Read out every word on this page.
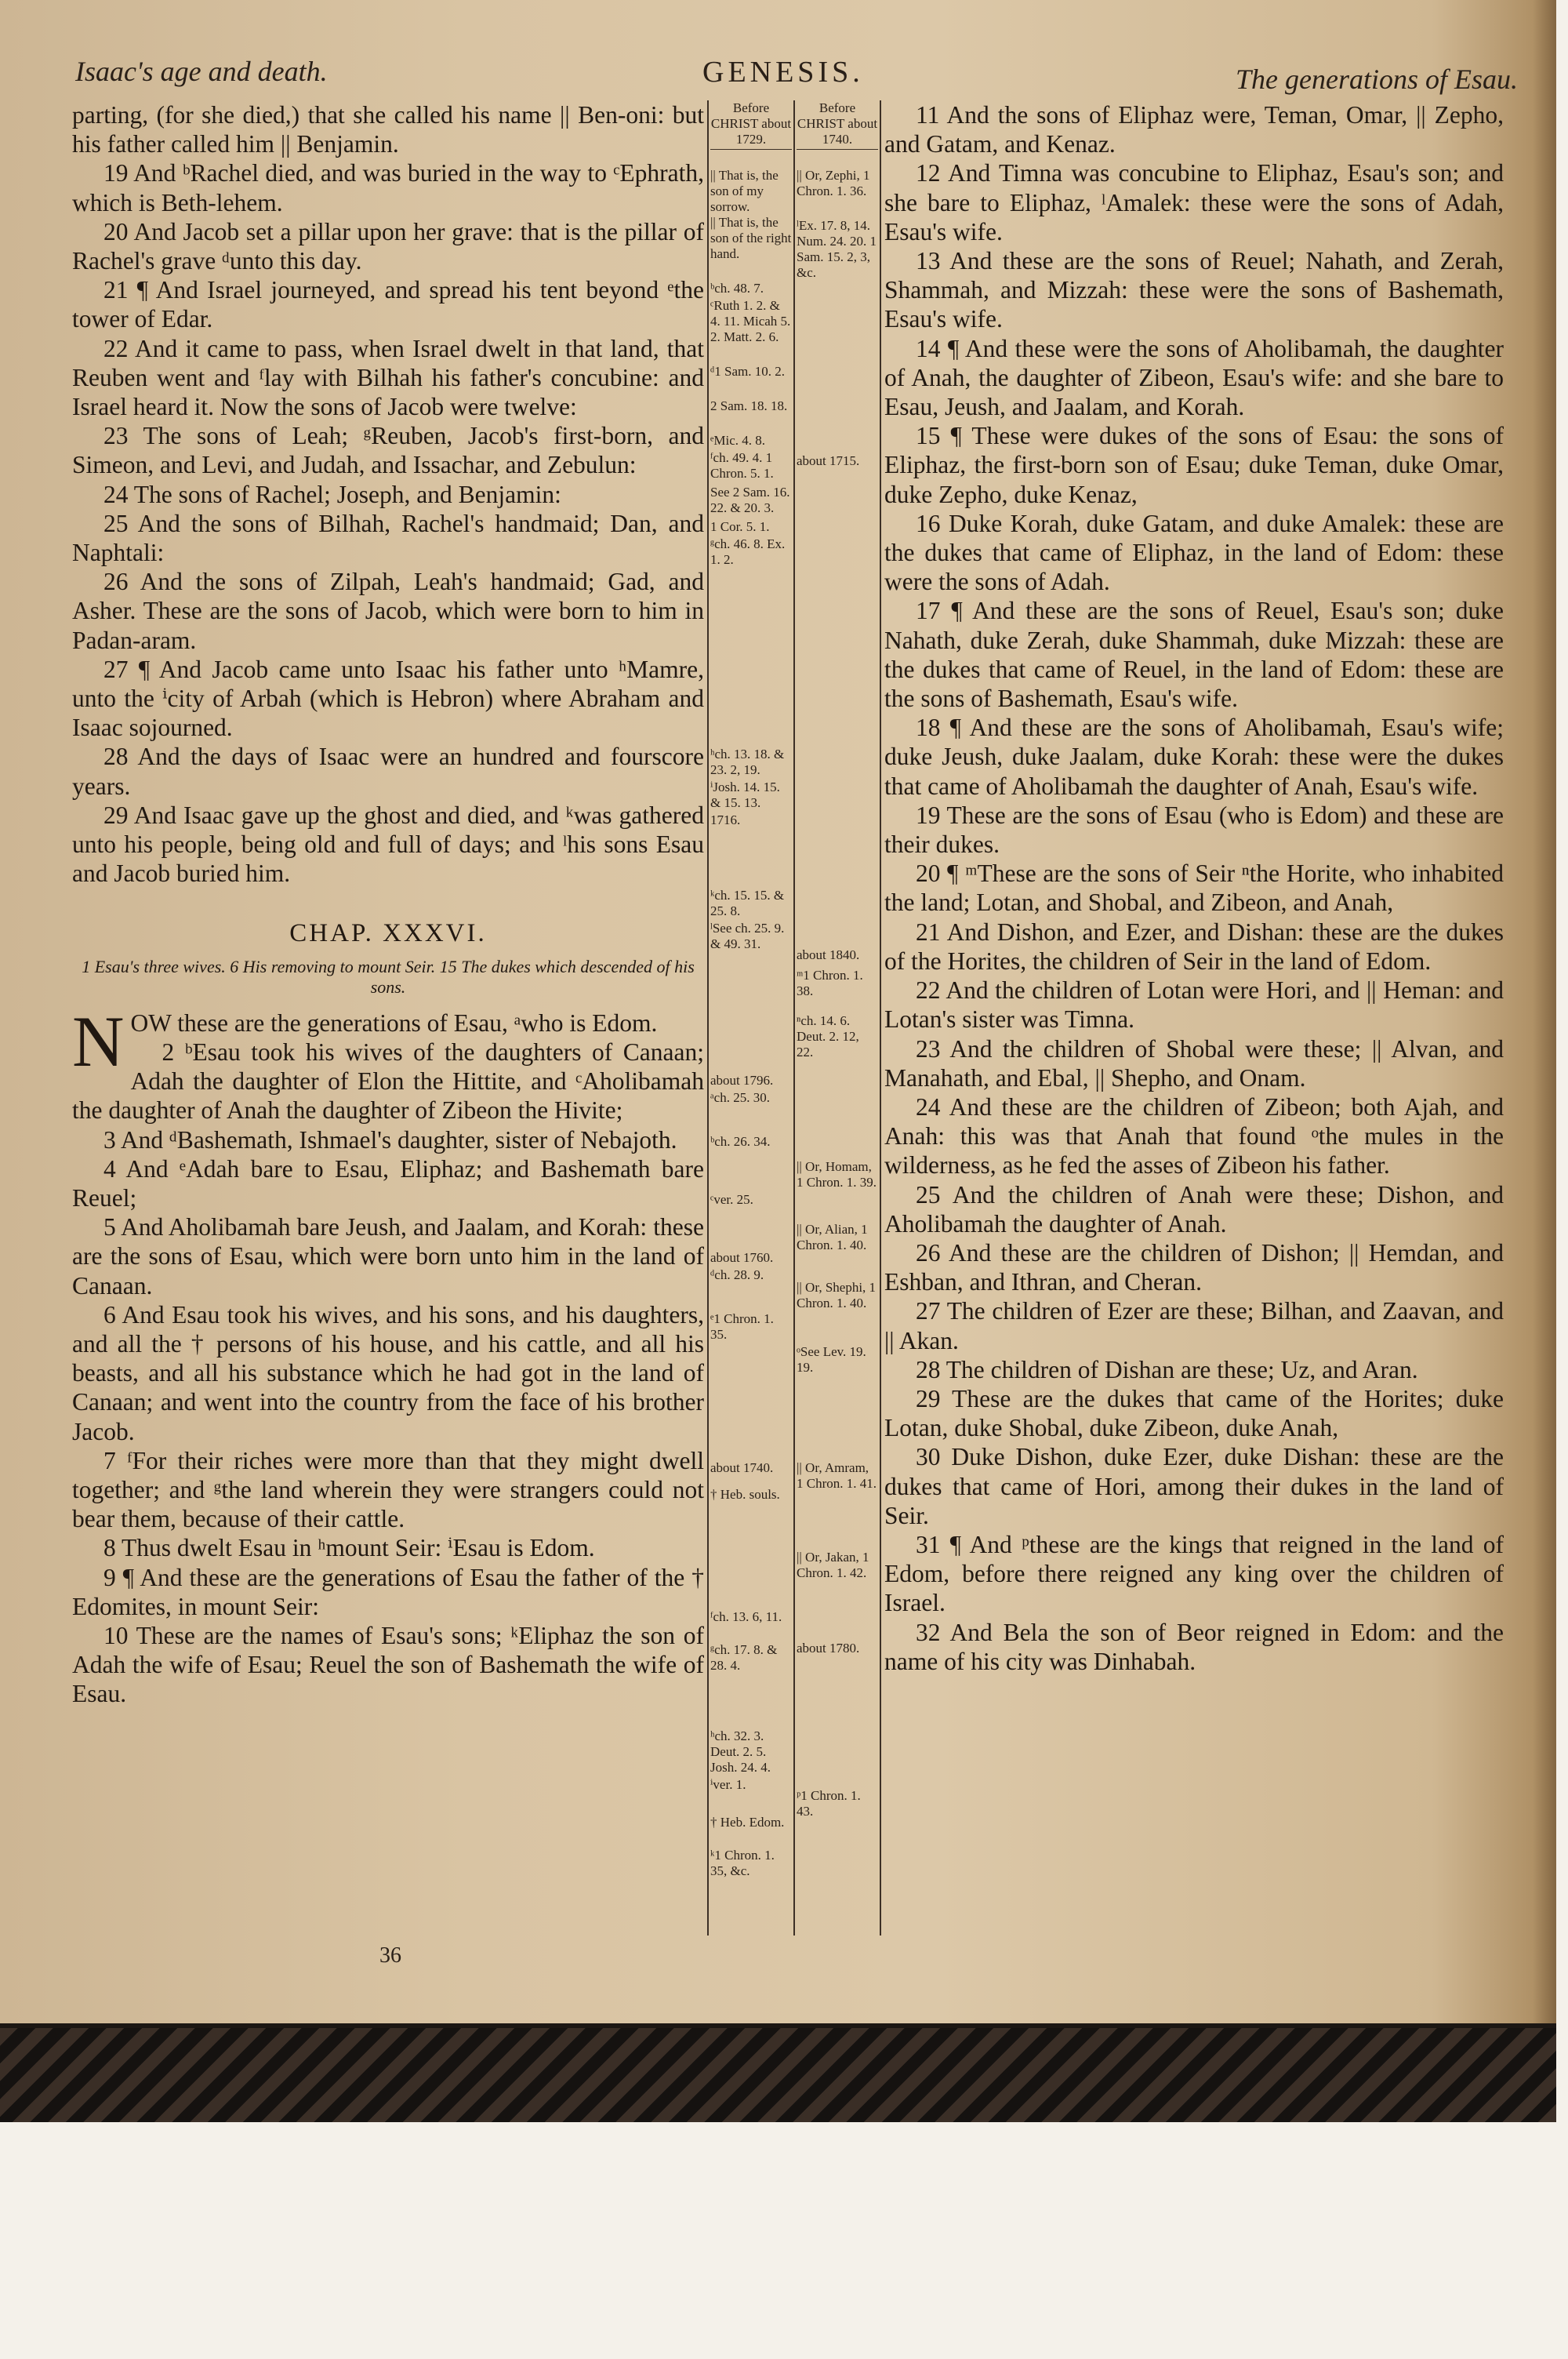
Isaac's age and death.	GENESIS.	The generations of Esau.

parting, (for she died,) that she called his name || Ben-oni: but his father called him || Benjamin.

19 And ᵇRachel died, and was buried in the way to ᶜEphrath, which is Beth-lehem.

20 And Jacob set a pillar upon her grave: that is the pillar of Rachel's grave ᵈunto this day.

21 ¶ And Israel journeyed, and spread his tent beyond ᵉthe tower of Edar.

22 And it came to pass, when Israel dwelt in that land, that Reuben went and ᶠlay with Bilhah his father's concubine: and Israel heard it. Now the sons of Jacob were twelve:

23 The sons of Leah; ᵍReuben, Jacob's first-born, and Simeon, and Levi, and Judah, and Issachar, and Zebulun:

24 The sons of Rachel; Joseph, and Benjamin:

25 And the sons of Bilhah, Rachel's handmaid; Dan, and Naphtali:

26 And the sons of Zilpah, Leah's handmaid; Gad, and Asher. These are the sons of Jacob, which were born to him in Padan-aram.

27 ¶ And Jacob came unto Isaac his father unto ʰMamre, unto the ⁱcity of Arbah (which is Hebron) where Abraham and Isaac sojourned.

28 And the days of Isaac were an hundred and fourscore years.

29 And Isaac gave up the ghost and died, and ᵏwas gathered unto his people, being old and full of days; and ˡhis sons Esau and Jacob buried him.

CHAP. XXXVI.
1 Esau's three wives. 6 His removing to mount Seir. 15 The dukes which descended of his sons.

N OW these are the generations of Esau, ᵃwho is Edom.

2 ᵇEsau took his wives of the daughters of Canaan; Adah the daughter of Elon the Hittite, and ᶜAholibamah the daughter of Anah the daughter of Zibeon the Hivite;

3 And ᵈBashemath, Ishmael's daughter, sister of Nebajoth.

4 And ᵉAdah bare to Esau, Eliphaz; and Bashemath bare Reuel;

5 And Aholibamah bare Jeush, and Jaalam, and Korah: these are the sons of Esau, which were born unto him in the land of Canaan.

6 And Esau took his wives, and his sons, and his daughters, and all the † persons of his house, and his cattle, and all his beasts, and all his substance which he had got in the land of Canaan; and went into the country from the face of his brother Jacob.

7 ᶠFor their riches were more than that they might dwell together; and ᵍthe land wherein they were strangers could not bear them, because of their cattle.

8 Thus dwelt Esau in ʰmount Seir: ⁱEsau is Edom.

9 ¶ And these are the generations of Esau the father of the † Edomites, in mount Seir:

10 These are the names of Esau's sons; ᵏEliphaz the son of Adah the wife of Esau; Reuel the son of Bashemath the wife of Esau.

Before CHRIST about 1729.
|| That is, the son of my sorrow.
|| That is, the son of the right hand.
ᵇch. 48. 7.
ᶜRuth 1. 2. & 4. 11. Micah 5. 2. Matt. 2. 6.
ᵈ1 Sam. 10. 2.
2 Sam. 18. 18.
ᵉMic. 4. 8.
ᶠch. 49. 4. 1 Chron. 5. 1.
See 2 Sam. 16. 22. & 20. 3.
1 Cor. 5. 1.
ᵍch. 46. 8. Ex. 1. 2.
ʰch. 13. 18. & 23. 2, 19.
ⁱJosh. 14. 15. & 15. 13.
1716.
ᵏch. 15. 15. & 25. 8.
ˡSee ch. 25. 9. & 49. 31.
about 1796.
ᵃch. 25. 30.
ᵇch. 26. 34.
ᶜver. 25.
about 1760.
ᵈch. 28. 9.
ᵉ1 Chron. 1. 35.
about 1740.
† Heb. souls.
ᶠch. 13. 6, 11.
ᵍch. 17. 8. & 28. 4.
ʰch. 32. 3. Deut. 2. 5. Josh. 24. 4.
ⁱver. 1.
† Heb. Edom.
ᵏ1 Chron. 1. 35, &c.
Before CHRIST about 1740.
|| Or, Zephi, 1 Chron. 1. 36.
ˡEx. 17. 8, 14. Num. 24. 20. 1 Sam. 15. 2, 3, &c.
about 1715.
about 1840.
ᵐ1 Chron. 1. 38.
ⁿch. 14. 6. Deut. 2. 12, 22.
|| Or, Homam, 1 Chron. 1. 39.
|| Or, Alian, 1 Chron. 1. 40.
|| Or, Shephi, 1 Chron. 1. 40.
ᵒSee Lev. 19. 19.
|| Or, Amram, 1 Chron. 1. 41.
|| Or, Jakan, 1 Chron. 1. 42.
about 1780.
ᵖ1 Chron. 1. 43.

11 And the sons of Eliphaz were, Teman, Omar, || Zepho, and Gatam, and Kenaz.

12 And Timna was concubine to Eliphaz, Esau's son; and she bare to Eliphaz, ˡAmalek: these were the sons of Adah, Esau's wife.

13 And these are the sons of Reuel; Nahath, and Zerah, Shammah, and Mizzah: these were the sons of Bashemath, Esau's wife.

14 ¶ And these were the sons of Aholibamah, the daughter of Anah, the daughter of Zibeon, Esau's wife: and she bare to Esau, Jeush, and Jaalam, and Korah.

15 ¶ These were dukes of the sons of Esau: the sons of Eliphaz, the first-born son of Esau; duke Teman, duke Omar, duke Zepho, duke Kenaz,

16 Duke Korah, duke Gatam, and duke Amalek: these are the dukes that came of Eliphaz, in the land of Edom: these were the sons of Adah.

17 ¶ And these are the sons of Reuel, Esau's son; duke Nahath, duke Zerah, duke Shammah, duke Mizzah: these are the dukes that came of Reuel, in the land of Edom: these are the sons of Bashemath, Esau's wife.

18 ¶ And these are the sons of Aholibamah, Esau's wife; duke Jeush, duke Jaalam, duke Korah: these were the dukes that came of Aholibamah the daughter of Anah, Esau's wife.

19 These are the sons of Esau (who is Edom) and these are their dukes.

20 ¶ ᵐThese are the sons of Seir ⁿthe Horite, who inhabited the land; Lotan, and Shobal, and Zibeon, and Anah,

21 And Dishon, and Ezer, and Dishan: these are the dukes of the Horites, the children of Seir in the land of Edom.

22 And the children of Lotan were Hori, and || Heman: and Lotan's sister was Timna.

23 And the children of Shobal were these; || Alvan, and Manahath, and Ebal, || Shepho, and Onam.

24 And these are the children of Zibeon; both Ajah, and Anah: this was that Anah that found ᵒthe mules in the wilderness, as he fed the asses of Zibeon his father.

25 And the children of Anah were these; Dishon, and Aholibamah the daughter of Anah.

26 And these are the children of Dishon; || Hemdan, and Eshban, and Ithran, and Cheran.

27 The children of Ezer are these; Bilhan, and Zaavan, and || Akan.

28 The children of Dishan are these; Uz, and Aran.

29 These are the dukes that came of the Horites; duke Lotan, duke Shobal, duke Zibeon, duke Anah,

30 Duke Dishon, duke Ezer, duke Dishan: these are the dukes that came of Hori, among their dukes in the land of Seir.

31 ¶ And ᵖthese are the kings that reigned in the land of Edom, before there reigned any king over the children of Israel.

32 And Bela the son of Beor reigned in Edom: and the name of his city was Dinhabah.

36
